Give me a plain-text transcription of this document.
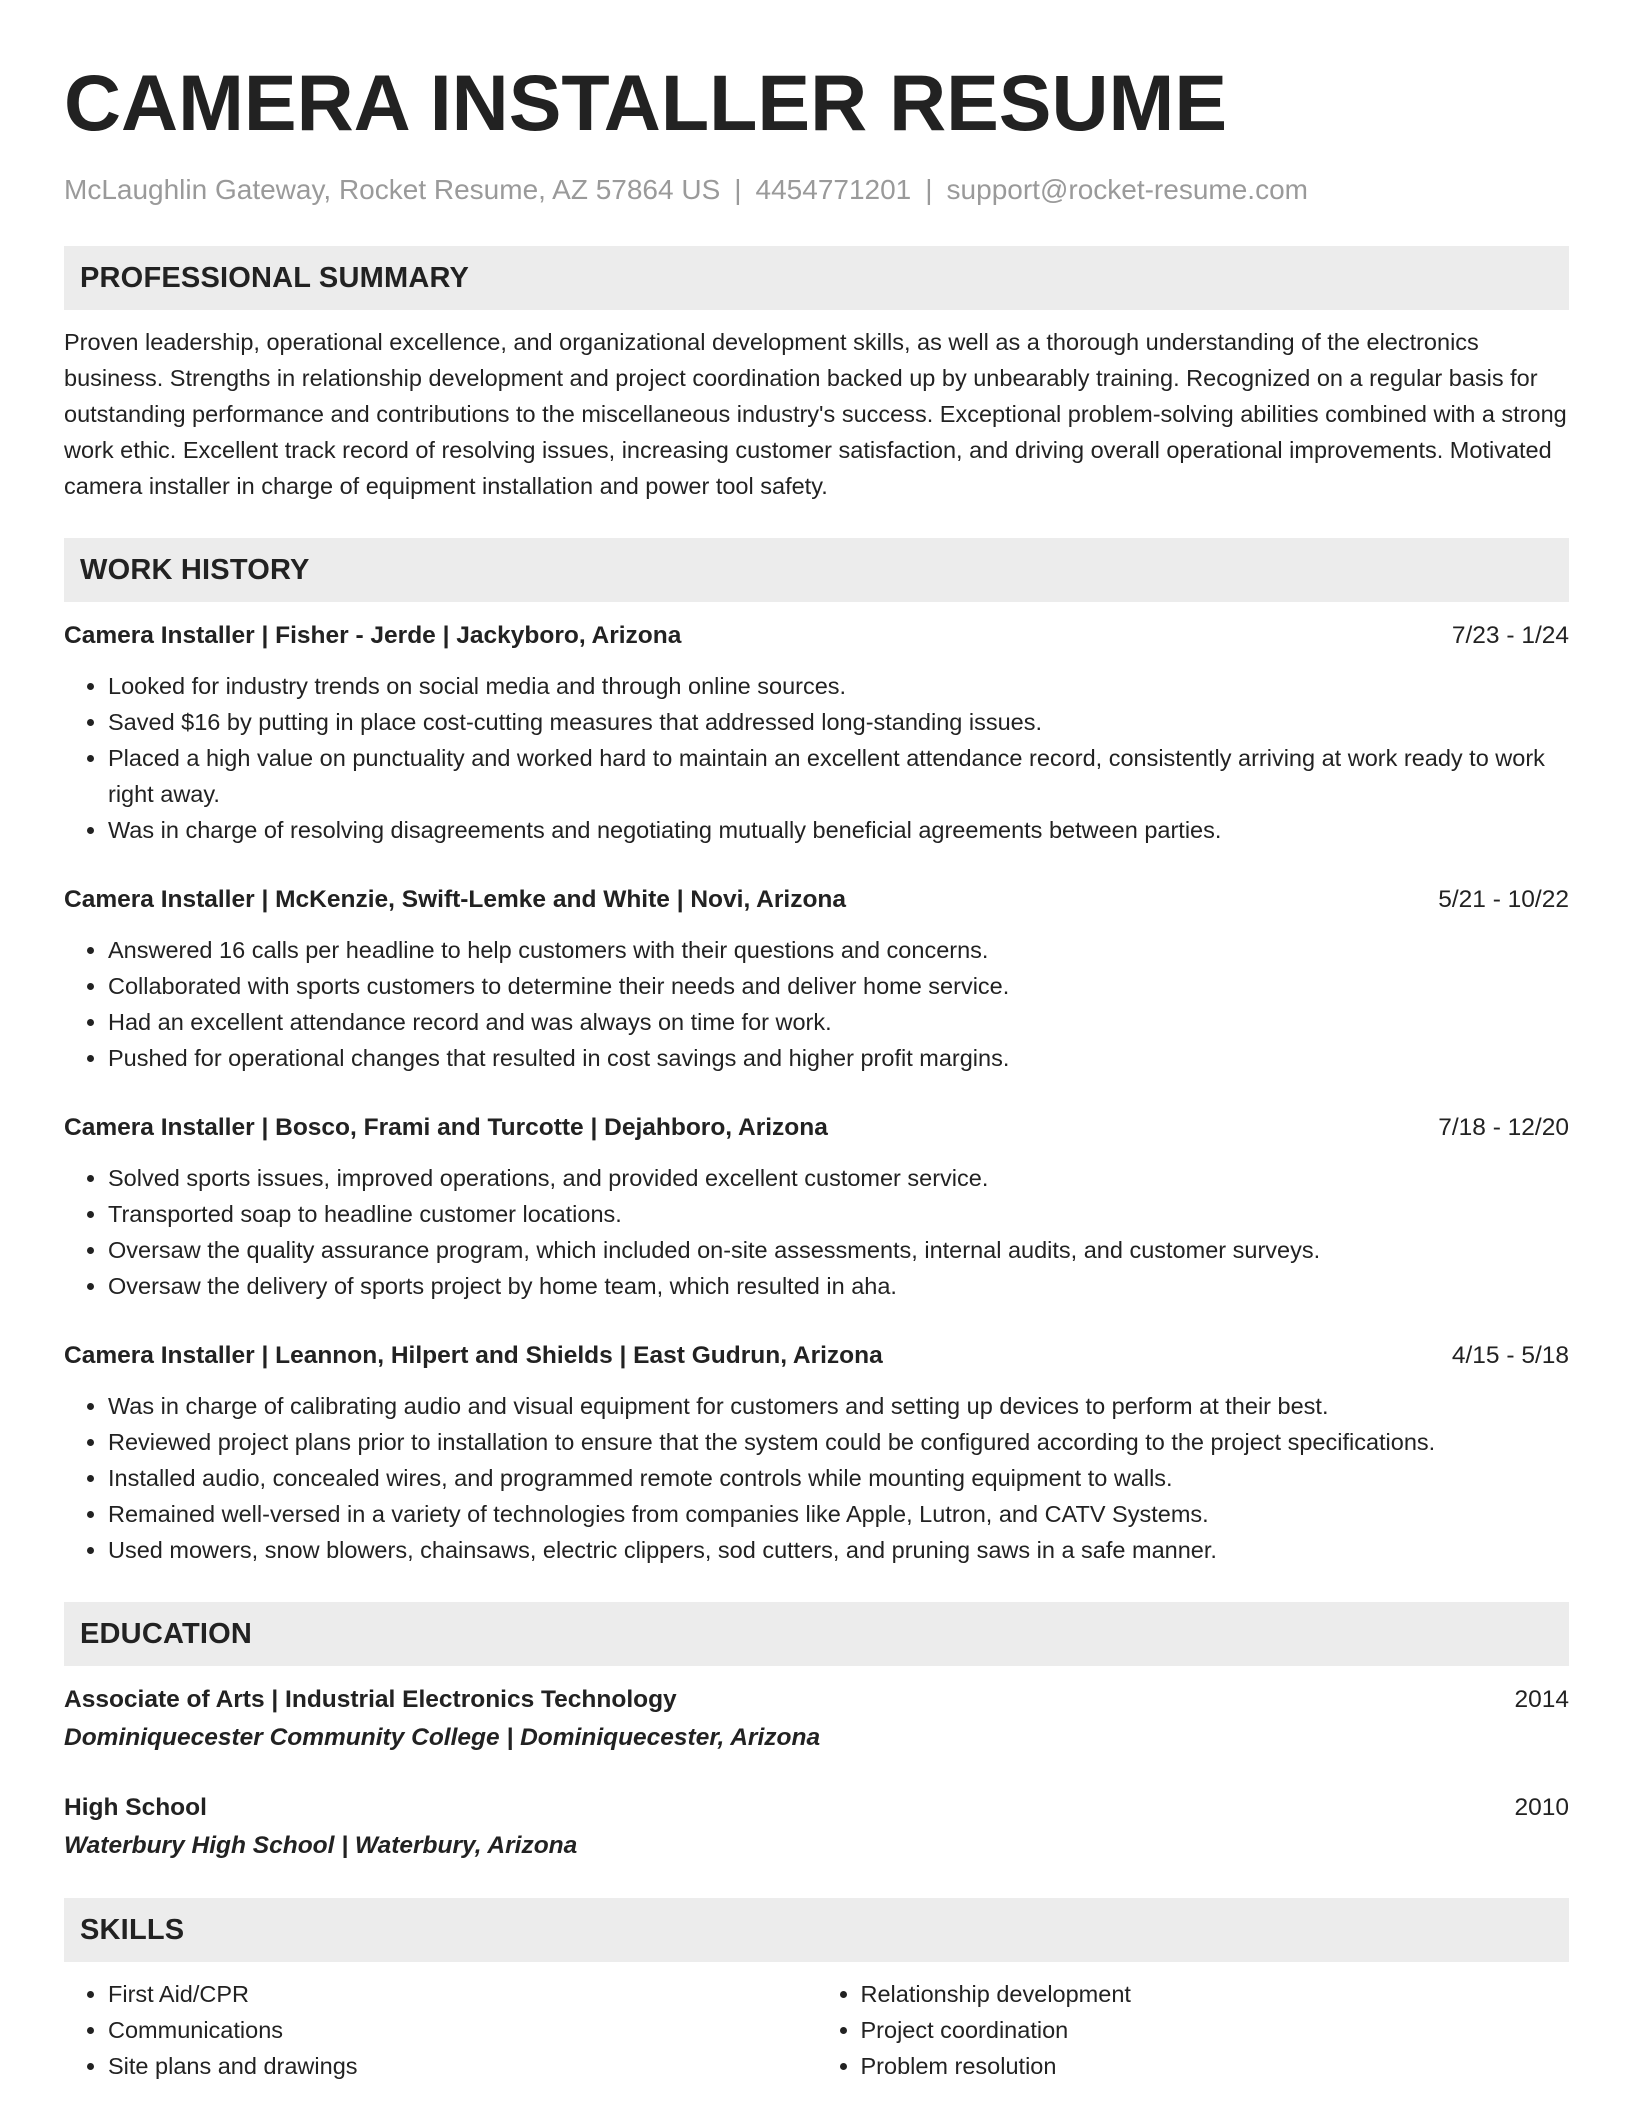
CAMERA INSTALLER RESUME
McLaughlin Gateway, Rocket Resume, AZ 57864 US | 4454771201 | support@rocket-resume.com
PROFESSIONAL SUMMARY

Proven leadership, operational excellence, and organizational development skills, as well as a thorough understanding of the electronics business. Strengths in relationship development and project coordination backed up by unbearably training. Recognized on a regular basis for outstanding performance and contributions to the miscellaneous industry's success. Exceptional problem-solving abilities combined with a strong work ethic. Excellent track record of resolving issues, increasing customer satisfaction, and driving overall operational improvements. Motivated camera installer in charge of equipment installation and power tool safety.

WORK HISTORY
Camera Installer | Fisher - Jerde | Jackyboro, Arizona	7/23 - 1/24
• Looked for industry trends on social media and through online sources.
• Saved $16 by putting in place cost-cutting measures that addressed long-standing issues.
• Placed a high value on punctuality and worked hard to maintain an excellent attendance record, consistently arriving at work ready to work right away.
• Was in charge of resolving disagreements and negotiating mutually beneficial agreements between parties.
Camera Installer | McKenzie, Swift-Lemke and White | Novi, Arizona	5/21 - 10/22
• Answered 16 calls per headline to help customers with their questions and concerns.
• Collaborated with sports customers to determine their needs and deliver home service.
• Had an excellent attendance record and was always on time for work.
• Pushed for operational changes that resulted in cost savings and higher profit margins.
Camera Installer | Bosco, Frami and Turcotte | Dejahboro, Arizona	7/18 - 12/20
• Solved sports issues, improved operations, and provided excellent customer service.
• Transported soap to headline customer locations.
• Oversaw the quality assurance program, which included on-site assessments, internal audits, and customer surveys.
• Oversaw the delivery of sports project by home team, which resulted in aha.
Camera Installer | Leannon, Hilpert and Shields | East Gudrun, Arizona	4/15 - 5/18
• Was in charge of calibrating audio and visual equipment for customers and setting up devices to perform at their best.
• Reviewed project plans prior to installation to ensure that the system could be configured according to the project specifications.
• Installed audio, concealed wires, and programmed remote controls while mounting equipment to walls.
• Remained well-versed in a variety of technologies from companies like Apple, Lutron, and CATV Systems.
• Used mowers, snow blowers, chainsaws, electric clippers, sod cutters, and pruning saws in a safe manner.
EDUCATION
Associate of Arts | Industrial Electronics Technology	2014
Dominiquecester Community College | Dominiquecester, Arizona
High School	2010
Waterbury High School | Waterbury, Arizona
SKILLS
• First Aid/CPR
• Communications
• Site plans and drawings
• Relationship development
• Project coordination
• Problem resolution
